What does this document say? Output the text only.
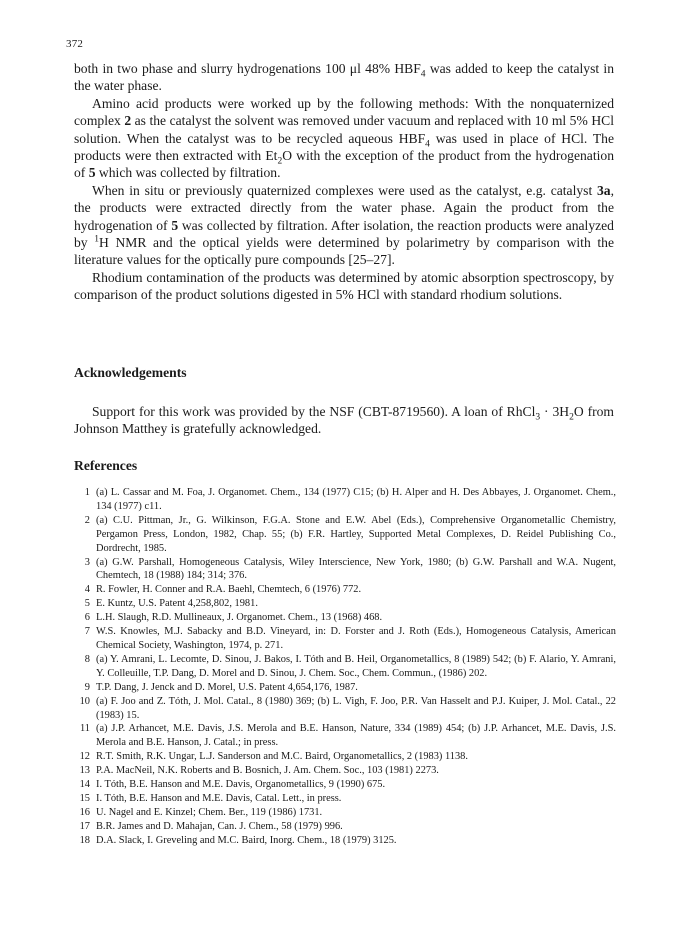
372

both in two phase and slurry hydrogenations 100 μl 48% $HBF_4$ was added to keep the catalyst in the water phase.

Amino acid products were worked up by the following methods: With the nonquaternized complex 2 as the catalyst the solvent was removed under vacuum and replaced with 10 ml 5% HCl solution. When the catalyst was to be recycled aqueous $HBF_4$ was used in place of HCl. The products were then extracted with $Et_2O$ with the exception of the product from the hydrogenation of 5 which was collected by filtration.

When in situ or previously quaternized complexes were used as the catalyst, e.g. catalyst 3a, the products were extracted directly from the water phase. Again the product from the hydrogenation of 5 was collected by filtration. After isolation, the reaction products were analyzed by $^1$H NMR and the optical yields were determined by polarimetry by comparison with the literature values for the optically pure compounds [25–27].

Rhodium contamination of the products was determined by atomic absorption spectroscopy, by comparison of the product solutions digested in 5% HCl with standard rhodium solutions.

Acknowledgements

Support for this work was provided by the NSF (CBT-8719560). A loan of RhCl$_3$ · $3H_2O$ from Johnson Matthey is gratefully acknowledged.

References
1 (a) L. Cassar and M. Foa, J. Organomet. Chem., 134 (1977) C15; (b) H. Alper and H. Des Abbayes, J. Organomet. Chem., 134 (1977) c11.
2 (a) C.U. Pittman, Jr., G. Wilkinson, F.G.A. Stone and E.W. Abel (Eds.), Comprehensive Organometallic Chemistry, Pergamon Press, London, 1982, Chap. 55; (b) F.R. Hartley, Supported Metal Complexes, D. Reidel Publishing Co., Dordrecht, 1985.
3 (a) G.W. Parshall, Homogeneous Catalysis, Wiley Interscience, New York, 1980; (b) G.W. Parshall and W.A. Nugent, Chemtech, 18 (1988) 184; 314; 376.
4 R. Fowler, H. Conner and R.A. Baehl, Chemtech, 6 (1976) 772.
5 E. Kuntz, U.S. Patent 4,258,802, 1981.
6 L.H. Slaugh, R.D. Mullineaux, J. Organomet. Chem., 13 (1968) 468.
7 W.S. Knowles, M.J. Sabacky and B.D. Vineyard, in: D. Forster and J. Roth (Eds.), Homogeneous Catalysis, American Chemical Society, Washington, 1974, p. 271.
8 (a) Y. Amrani, L. Lecomte, D. Sinou, J. Bakos, I. Tóth and B. Heil, Organometallics, 8 (1989) 542; (b) F. Alario, Y. Amrani, Y. Colleuille, T.P. Dang, D. Morel and D. Sinou, J. Chem. Soc., Chem. Commun., (1986) 202.
9 T.P. Dang, J. Jenck and D. Morel, U.S. Patent 4,654,176, 1987.
10 (a) F. Joo and Z. Tóth, J. Mol. Catal., 8 (1980) 369; (b) L. Vigh, F. Joo, P.R. Van Hasselt and P.J. Kuiper, J. Mol. Catal., 22 (1983) 15.
11 (a) J.P. Arhancet, M.E. Davis, J.S. Merola and B.E. Hanson, Nature, 334 (1989) 454; (b) J.P. Arhancet, M.E. Davis, J.S. Merola and B.E. Hanson, J. Catal.; in press.
12 R.T. Smith, R.K. Ungar, L.J. Sanderson and M.C. Baird, Organometallics, 2 (1983) 1138.
13 P.A. MacNeil, N.K. Roberts and B. Bosnich, J. Am. Chem. Soc., 103 (1981) 2273.
14 I. Tóth, B.E. Hanson and M.E. Davis, Organometallics, 9 (1990) 675.
15 I. Tóth, B.E. Hanson and M.E. Davis, Catal. Lett., in press.
16 U. Nagel and E. Kinzel; Chem. Ber., 119 (1986) 1731.
17 B.R. James and D. Mahajan, Can. J. Chem., 58 (1979) 996.
18 D.A. Slack, I. Greveling and M.C. Baird, Inorg. Chem., 18 (1979) 3125.
